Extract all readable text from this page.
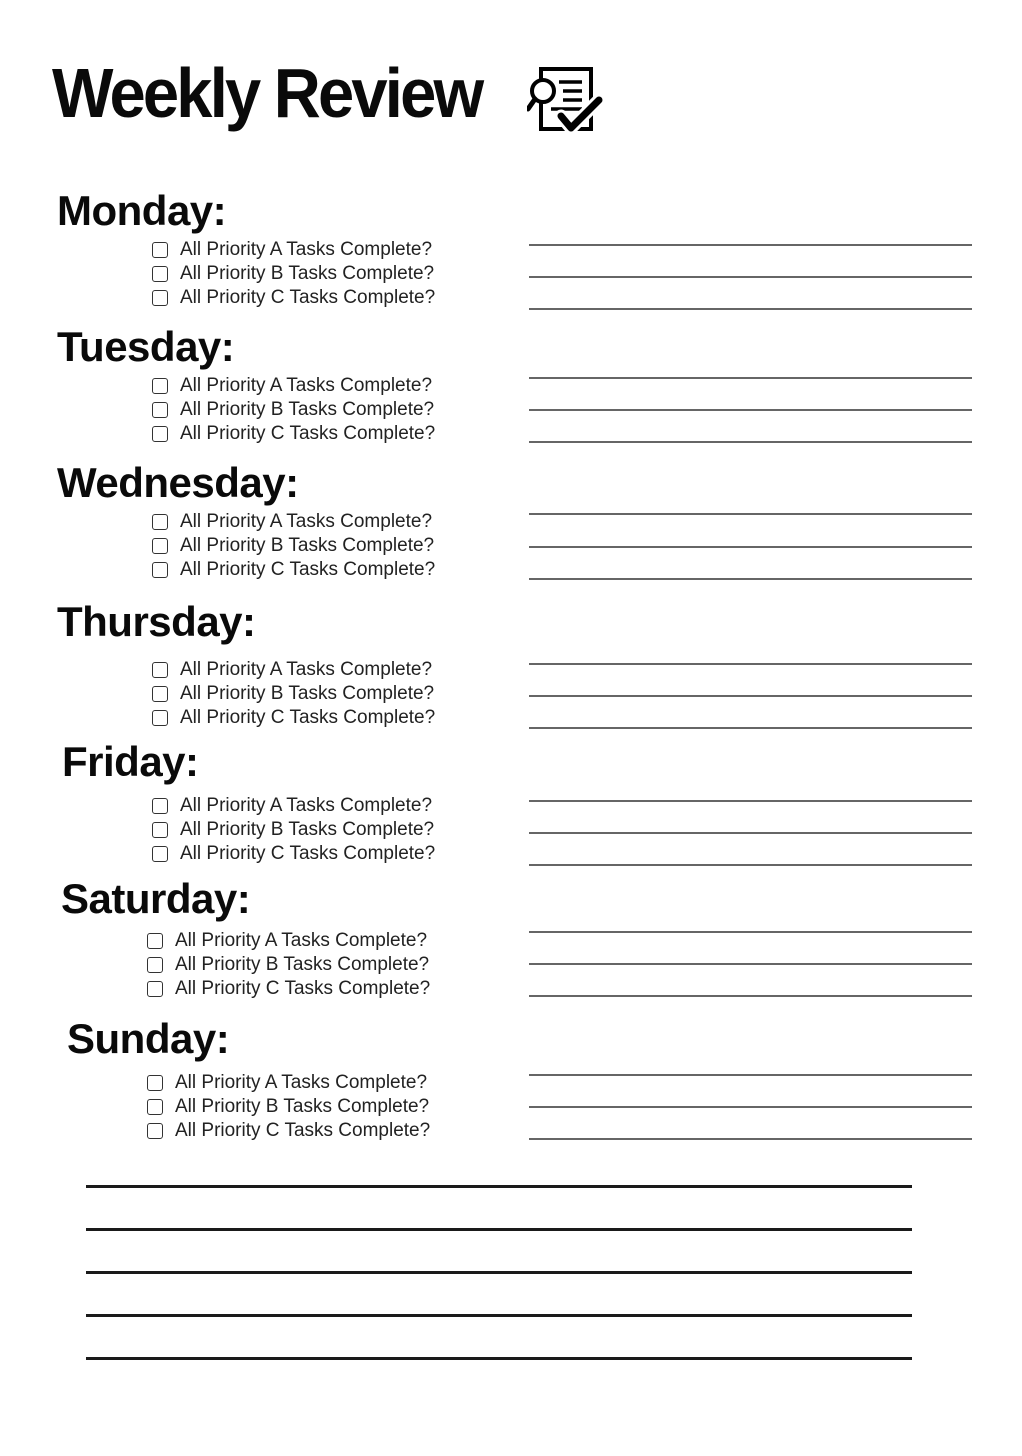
Weekly Review
Monday:
All Priority A Tasks Complete?
All Priority B Tasks Complete?
All Priority C Tasks Complete?
Tuesday:
All Priority A Tasks Complete?
All Priority B Tasks Complete?
All Priority C Tasks Complete?
Wednesday:
All Priority A Tasks Complete?
All Priority B Tasks Complete?
All Priority C Tasks Complete?
Thursday:
All Priority A Tasks Complete?
All Priority B Tasks Complete?
All Priority C Tasks Complete?
Friday:
All Priority A Tasks Complete?
All Priority B Tasks Complete?
All Priority C Tasks Complete?
Saturday:
All Priority A Tasks Complete?
All Priority B Tasks Complete?
All Priority C Tasks Complete?
Sunday:
All Priority A Tasks Complete?
All Priority B Tasks Complete?
All Priority C Tasks Complete?
